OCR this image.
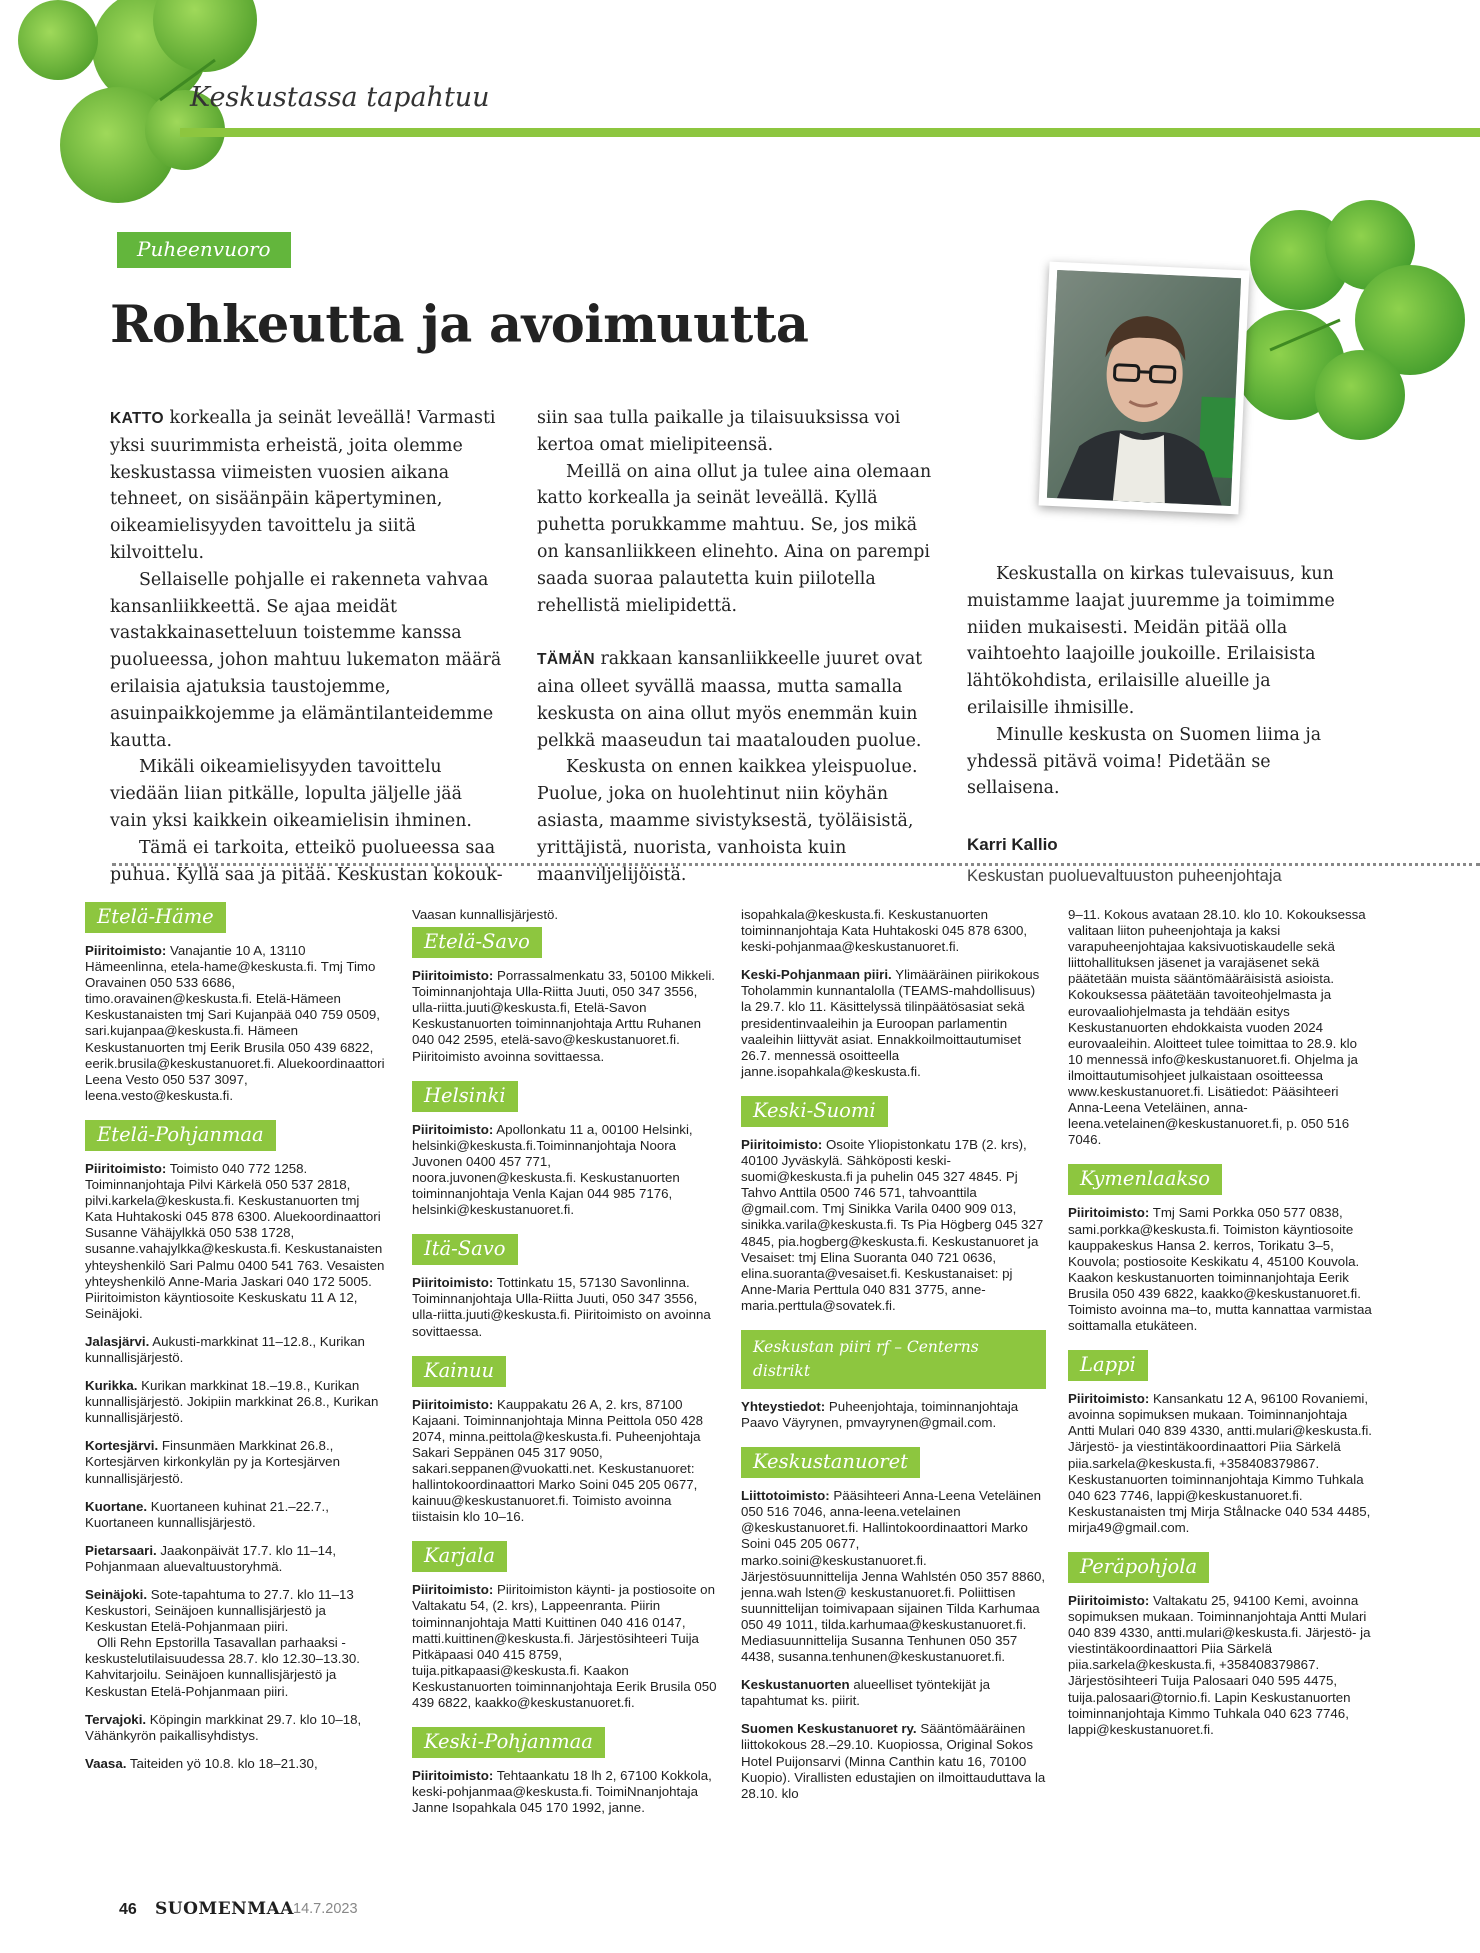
Keskustassa tapahtuu
Puheenvuoro
Rohkeutta ja avoimuutta

KATTO korkealla ja seinät leveällä! Varmasti yksi suurimmista erheistä, joita olemme keskustassa viimeisten vuosien aikana tehneet, on sisäänpäin käpertyminen, oikeamielisyyden tavoittelu ja siitä kilvoittelu.

Sellaiselle pohjalle ei rakenneta vahvaa kansanliikkeettä. Se ajaa meidät vastakkainasetteluun toistemme kanssa puolueessa, johon mahtuu lukematon määrä erilaisia ajatuksia taustojemme, asuinpaikkojemme ja elämäntilanteidemme kautta.

Mikäli oikeamielisyyden tavoittelu viedään liian pitkälle, lopulta jäljelle jää vain yksi kaikkein oikeamielisin ihminen.

Tämä ei tarkoita, etteikö puolueessa saa puhua. Kyllä saa ja pitää. Keskustan kokouk-

siin saa tulla paikalle ja tilaisuuksissa voi kertoa omat mielipiteensä.

Meillä on aina ollut ja tulee aina olemaan katto korkealla ja seinät leveällä. Kyllä puhetta porukkamme mahtuu. Se, jos mikä on kansanliikkeen elinehto. Aina on parempi saada suoraa palautetta kuin piilotella rehellistä mielipidettä.

TÄMÄN rakkaan kansanliikkeelle juuret ovat aina olleet syvällä maassa, mutta samalla keskusta on aina ollut myös enemmän kuin pelkkä maaseudun tai maatalouden puolue.

Keskusta on ennen kaikkea yleispuolue. Puolue, joka on huolehtinut niin köyhän asiasta, maamme sivistyksestä, työläisistä, yrittäjistä, nuorista, vanhoista kuin maanviljelijöistä.

Keskustalla on kirkas tulevaisuus, kun muistamme laajat juuremme ja toimimme niiden mukaisesti. Meidän pitää olla vaihtoehto laajoille joukoille. Erilaisista lähtökohdista, erilaisille alueille ja erilaisille ihmisille.

Minulle keskusta on Suomen liima ja yhdessä pitävä voima! Pidetään se sellaisena.

Karri Kallio
Keskustan puoluevaltuuston puheenjohtaja
Etelä-Häme
Piiritoimisto: Vanajantie 10 A, 13110 Hämeenlinna, etela-hame@keskusta.fi. Tmj Timo Oravainen 050 533 6686, timo.oravainen@keskusta.fi. Etelä-Hämeen Keskustanaisten tmj Sari Kujanpää 040 759 0509, sari.kujanpaa@keskusta.fi. Hämeen Keskustanuorten tmj Eerik Brusila 050 439 6822, eerik.brusila@keskustanuoret.fi. Aluekoordinaattori Leena Vesto 050 537 3097, leena.vesto@keskusta.fi.
Etelä-Pohjanmaa
Piiritoimisto: Toimisto 040 772 1258. Toiminnanjohtaja Pilvi Kärkelä 050 537 2818, pilvi.karkela@keskusta.fi. Keskustanuorten tmj Kata Huhtakoski 045 878 6300. Aluekoordinaattori Susanne Vähäjylkkä 050 538 1728, susanne.vahajylkka@keskusta.fi. Keskustanaisten yhteyshenkilö Sari Palmu 0400 541 763. Vesaisten yhteyshenkilö Anne-Maria Jaskari 040 172 5005. Piiritoimiston käyntiosoite Keskuskatu 11 A 12, Seinäjoki.
Jalasjärvi. Aukusti-markkinat 11–12.8., Kurikan kunnallisjärjestö.
Kurikka. Kurikan markkinat 18.–19.8., Kurikan kunnallisjärjestö. Jokipiin markkinat 26.8., Kurikan kunnallisjärjestö.
Kortesjärvi. Finsunmäen Markkinat 26.8., Kortesjärven kirkonkylän py ja Kortesjärven kunnallisjärjestö.
Kuortane. Kuortaneen kuhinat 21.–22.7., Kuortaneen kunnallisjärjestö.
Pietarsaari. Jaakonpäivät 17.7. klo 11–14, Pohjanmaan aluevaltuustoryhmä.
Seinäjoki. Sote-tapahtuma to 27.7. klo 11–13 Keskustori, Seinäjoen kunnallisjärjestö ja Keskustan Etelä-Pohjanmaan piiri.
Olli Rehn Epstorilla Tasavallan parhaaksi -keskustelutilaisuudessa 28.7. klo 12.30–13.30. Kahvitarjoilu. Seinäjoen kunnallisjärjestö ja Keskustan Etelä-Pohjanmaan piiri.
Tervajoki. Köpingin markkinat 29.7. klo 10–18, Vähänkyrön paikallisyhdistys.
Vaasa. Taiteiden yö 10.8. klo 18–21.30,
Vaasan kunnallisjärjestö.
Etelä-Savo
Piiritoimisto: Porrassalmenkatu 33, 50100 Mikkeli. Toiminnanjohtaja Ulla-Riitta Juuti, 050 347 3556, ulla-riitta.juuti@keskusta.fi, Etelä-Savon Keskustanuorten toiminnanjohtaja Arttu Ruhanen 040 042 2595, etelä-savo@keskustanuoret.fi. Piiritoimisto avoinna sovittaessa.
Helsinki
Piiritoimisto: Apollonkatu 11 a, 00100 Helsinki, helsinki@keskusta.fi.Toiminnanjohtaja Noora Juvonen 0400 457 771, noora.juvonen@keskusta.fi. Keskustanuorten toiminnanjohtaja Venla Kajan 044 985 7176, helsinki@keskustanuoret.fi.
Itä-Savo
Piiritoimisto: Tottinkatu 15, 57130 Savonlinna. Toiminnanjohtaja Ulla-Riitta Juuti, 050 347 3556, ulla-riitta.juuti@keskusta.fi. Piiritoimisto on avoinna sovittaessa.
Kainuu
Piiritoimisto: Kauppakatu 26 A, 2. krs, 87100 Kajaani. Toiminnanjohtaja Minna Peittola 050 428 2074, minna.peittola@keskusta.fi. Puheenjohtaja Sakari Seppänen 045 317 9050, sakari.seppanen@vuokatti.net. Keskustanuoret: hallintokoordinaattori Marko Soini 045 205 0677, kainuu@keskustanuoret.fi. Toimisto avoinna tiistaisin klo 10–16.
Karjala
Piiritoimisto: Piiritoimiston käynti- ja postiosoite on Valtakatu 54, (2. krs), Lappeenranta. Piirin toiminnanjohtaja Matti Kuittinen 040 416 0147, matti.kuittinen@keskusta.fi. Järjestösihteeri Tuija Pitkäpaasi 040 415 8759, tuija.pitkapaasi@keskusta.fi. Kaakon Keskustanuorten toiminnanjohtaja Eerik Brusila 050 439 6822, kaakko@keskustanuoret.fi.
Keski-Pohjanmaa
Piiritoimisto: Tehtaankatu 18 lh 2, 67100 Kokkola, keski-pohjanmaa@keskusta.fi. ToimiNnanjohtaja Janne Isopahkala 045 170 1992, janne.
isopahkala@keskusta.fi. Keskustanuorten toiminnanjohtaja Kata Huhtakoski 045 878 6300, keski-pohjanmaa@keskustanuoret.fi.
Keski-Pohjanmaan piiri. Ylimääräinen piirikokous Toholammin kunnantalolla (TEAMS-mahdollisuus) la 29.7. klo 11. Käsittelyssä tilinpäätösasiat sekä presidentinvaaleihin ja Euroopan parlamentin vaaleihin liittyvät asiat. Ennakkoilmoittautumiset 26.7. mennessä osoitteella janne.isopahkala@keskusta.fi.
Keski-Suomi
Piiritoimisto: Osoite Yliopistonkatu 17B (2. krs), 40100 Jyväskylä. Sähköposti keski-suomi@keskusta.fi ja puhelin 045 327 4845. Pj Tahvo Anttila 0500 746 571, tahvoanttila @gmail.com. Tmj Sinikka Varila 0400 909 013, sinikka.varila@keskusta.fi. Ts Pia Högberg 045 327 4845, pia.hogberg@keskusta.fi. Keskustanuoret ja Vesaiset: tmj Elina Suoranta 040 721 0636, elina.suoranta@vesaiset.fi. Keskustanaiset: pj Anne-Maria Perttula 040 831 3775, anne-maria.perttula@sovatek.fi.
Keskustan piiri rf – Centerns distrikt
Yhteystiedot: Puheenjohtaja, toiminnanjohtaja Paavo Väyrynen, pmvayrynen@gmail.com.
Keskustanuoret
Liittotoimisto: Pääsihteeri Anna-Leena Veteläinen 050 516 7046, anna-leena.vetelainen @keskustanuoret.fi. Hallintokoordinaattori Marko Soini 045 205 0677, marko.soini@keskustanuoret.fi. Järjestösuunnittelija Jenna Wahlstén 050 357 8860, jenna.wah lsten@ keskustanuoret.fi. Poliittisen suunnittelijan toimivapaan sijainen Tilda Karhumaa 050 49 1011, tilda.karhumaa@keskustanuoret.fi. Mediasuunnittelija Susanna Tenhunen 050 357 4438, susanna.tenhunen@keskustanuoret.fi.
Keskustanuorten alueelliset työntekijät ja tapahtumat ks. piirit.
Suomen Keskustanuoret ry. Sääntömääräinen liittokokous 28.–29.10. Kuopiossa, Original Sokos Hotel Puijonsarvi (Minna Canthin katu 16, 70100 Kuopio). Virallisten edustajien on ilmoittauduttava la 28.10. klo
9–11. Kokous avataan 28.10. klo 10. Kokouksessa valitaan liiton puheenjohtaja ja kaksi varapuheenjohtajaa kaksivuotiskaudelle sekä liittohallituksen jäsenet ja varajäsenet sekä päätetään muista sääntömääräisistä asioista. Kokouksessa päätetään tavoiteohjelmasta ja eurovaaliohjelmasta ja tehdään esitys Keskustanuorten ehdokkaista vuoden 2024 eurovaaleihin. Aloitteet tulee toimittaa to 28.9. klo 10 mennessä info@keskustanuoret.fi. Ohjelma ja ilmoittautumisohjeet julkaistaan osoitteessa www.keskustanuoret.fi. Lisätiedot: Pääsihteeri Anna-Leena Veteläinen, anna-leena.vetelainen@keskustanuoret.fi, p. 050 516 7046.
Kymenlaakso
Piiritoimisto: Tmj Sami Porkka 050 577 0838, sami.porkka@keskusta.fi. Toimiston käyntiosoite kauppakeskus Hansa 2. kerros, Torikatu 3–5, Kouvola; postiosoite Keskikatu 4, 45100 Kouvola. Kaakon keskustanuorten toiminnanjohtaja Eerik Brusila 050 439 6822, kaakko@keskustanuoret.fi. Toimisto avoinna ma–to, mutta kannattaa varmistaa soittamalla etukäteen.
Lappi
Piiritoimisto: Kansankatu 12 A, 96100 Rovaniemi, avoinna sopimuksen mukaan. Toiminnanjohtaja Antti Mulari 040 839 4330, antti.mulari@keskusta.fi. Järjestö- ja viestintäkoordinaattori Piia Särkelä piia.sarkela@keskusta.fi, +358408379867. Keskustanuorten toiminnanjohtaja Kimmo Tuhkala 040 623 7746, lappi@keskustanuoret.fi. Keskustanaisten tmj Mirja Stålnacke 040 534 4485, mirja49@gmail.com.
Peräpohjola
Piiritoimisto: Valtakatu 25, 94100 Kemi, avoinna sopimuksen mukaan. Toiminnanjohtaja Antti Mulari 040 839 4330, antti.mulari@keskusta.fi. Järjestö- ja viestintäkoordinaattori Piia Särkelä piia.sarkela@keskusta.fi, +358408379867. Järjestösihteeri Tuija Palosaari 040 595 4475, tuija.palosaari@tornio.fi. Lapin Keskustanuorten toiminnanjohtaja Kimmo Tuhkala 040 623 7746, lappi@keskustanuoret.fi.
46 SUOMENMAA 14.7.2023
